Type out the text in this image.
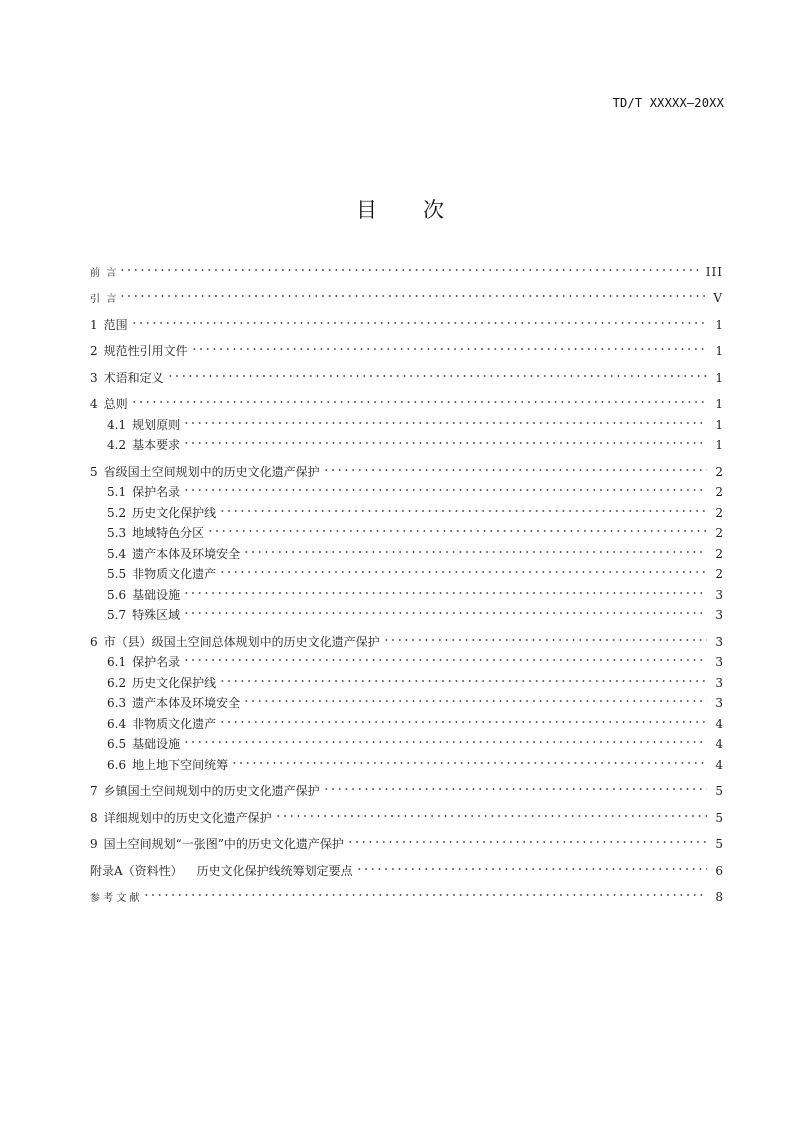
TD/T XXXXX—20XX
目 次
前  言	III
引  言	V
1 范围	1
2 规范性引用文件	1
3 术语和定义	1
4 总则	1
4.1 规划原则	1
4.2 基本要求	1
5 省级国土空间规划中的历史文化遗产保护	2
5.1 保护名录	2
5.2 历史文化保护线	2
5.3 地域特色分区	2
5.4 遗产本体及环境安全	2
5.5 非物质文化遗产	2
5.6 基础设施	3
5.7 特殊区域	3
6 市（县）级国土空间总体规划中的历史文化遗产保护	3
6.1 保护名录	3
6.2 历史文化保护线	3
6.3 遗产本体及环境安全	3
6.4 非物质文化遗产	4
6.5 基础设施	4
6.6 地上地下空间统筹	4
7 乡镇国土空间规划中的历史文化遗产保护	5
8 详细规划中的历史文化遗产保护	5
9 国土空间规划“一张图”中的历史文化遗产保护	5
附录A（资料性） 历史文化保护线统筹划定要点	6
参 考 文 献	8
